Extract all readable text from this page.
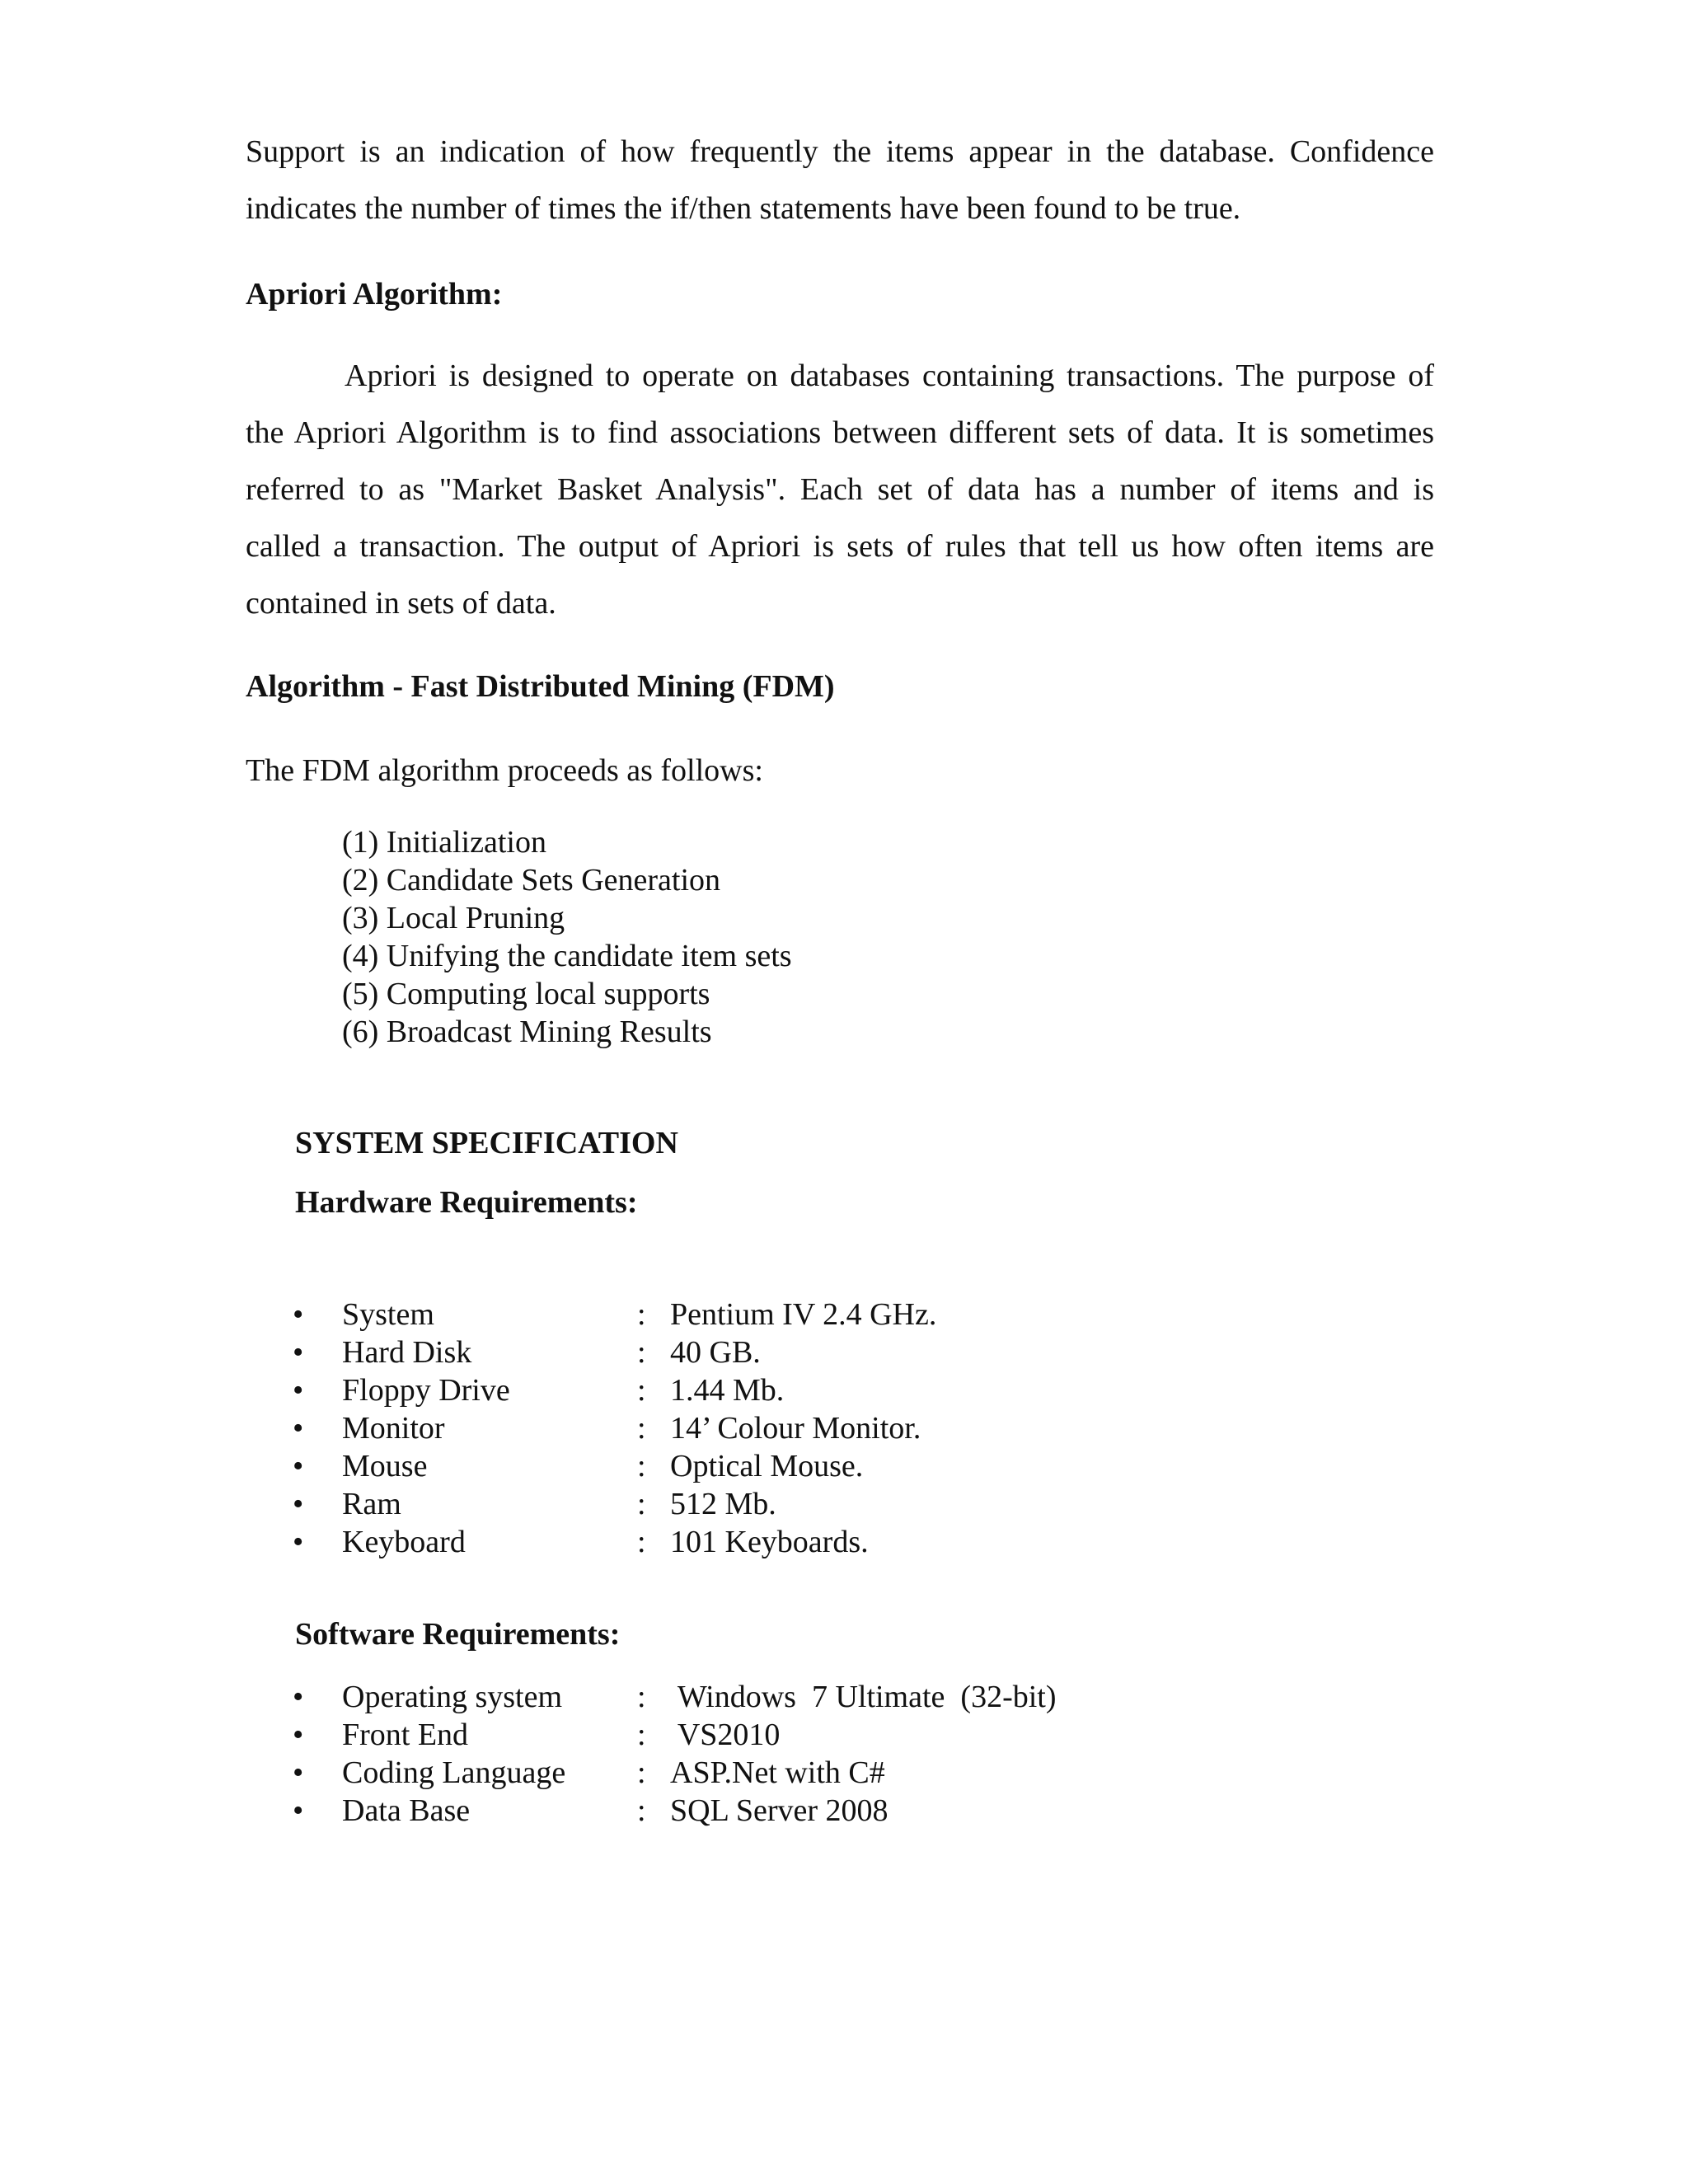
Support is an indication of how frequently the items appear in the database. Confidence
indicates the number of times the if/then statements have been found to be true.
Apriori Algorithm:
Apriori is designed to operate on databases containing transactions. The purpose of
the Apriori Algorithm is to find associations between different sets of data. It is sometimes
referred to as "Market Basket Analysis". Each set of data has a number of items and is
called a transaction. The output of Apriori is sets of rules that tell us how often items are
contained in sets of data.
Algorithm - Fast Distributed Mining (FDM)
The FDM algorithm proceeds as follows:
(1) Initialization
(2) Candidate Sets Generation
(3) Local Pruning
(4) Unifying the candidate item sets
(5) Computing local supports
(6) Broadcast Mining Results
SYSTEM SPECIFICATION
Hardware Requirements:
• System	: Pentium IV 2.4 GHz.
• Hard Disk	: 40 GB.
• Floppy Drive	: 1.44 Mb.
• Monitor	: 14’ Colour Monitor.
• Mouse	: Optical Mouse.
• Ram	: 512 Mb.
• Keyboard	: 101 Keyboards.
Software Requirements:
• Operating system : Windows  7 Ultimate  (32-bit)
• Front End	: VS2010
• Coding Language : ASP.Net with C#
• Data Base	: SQL Server 2008
